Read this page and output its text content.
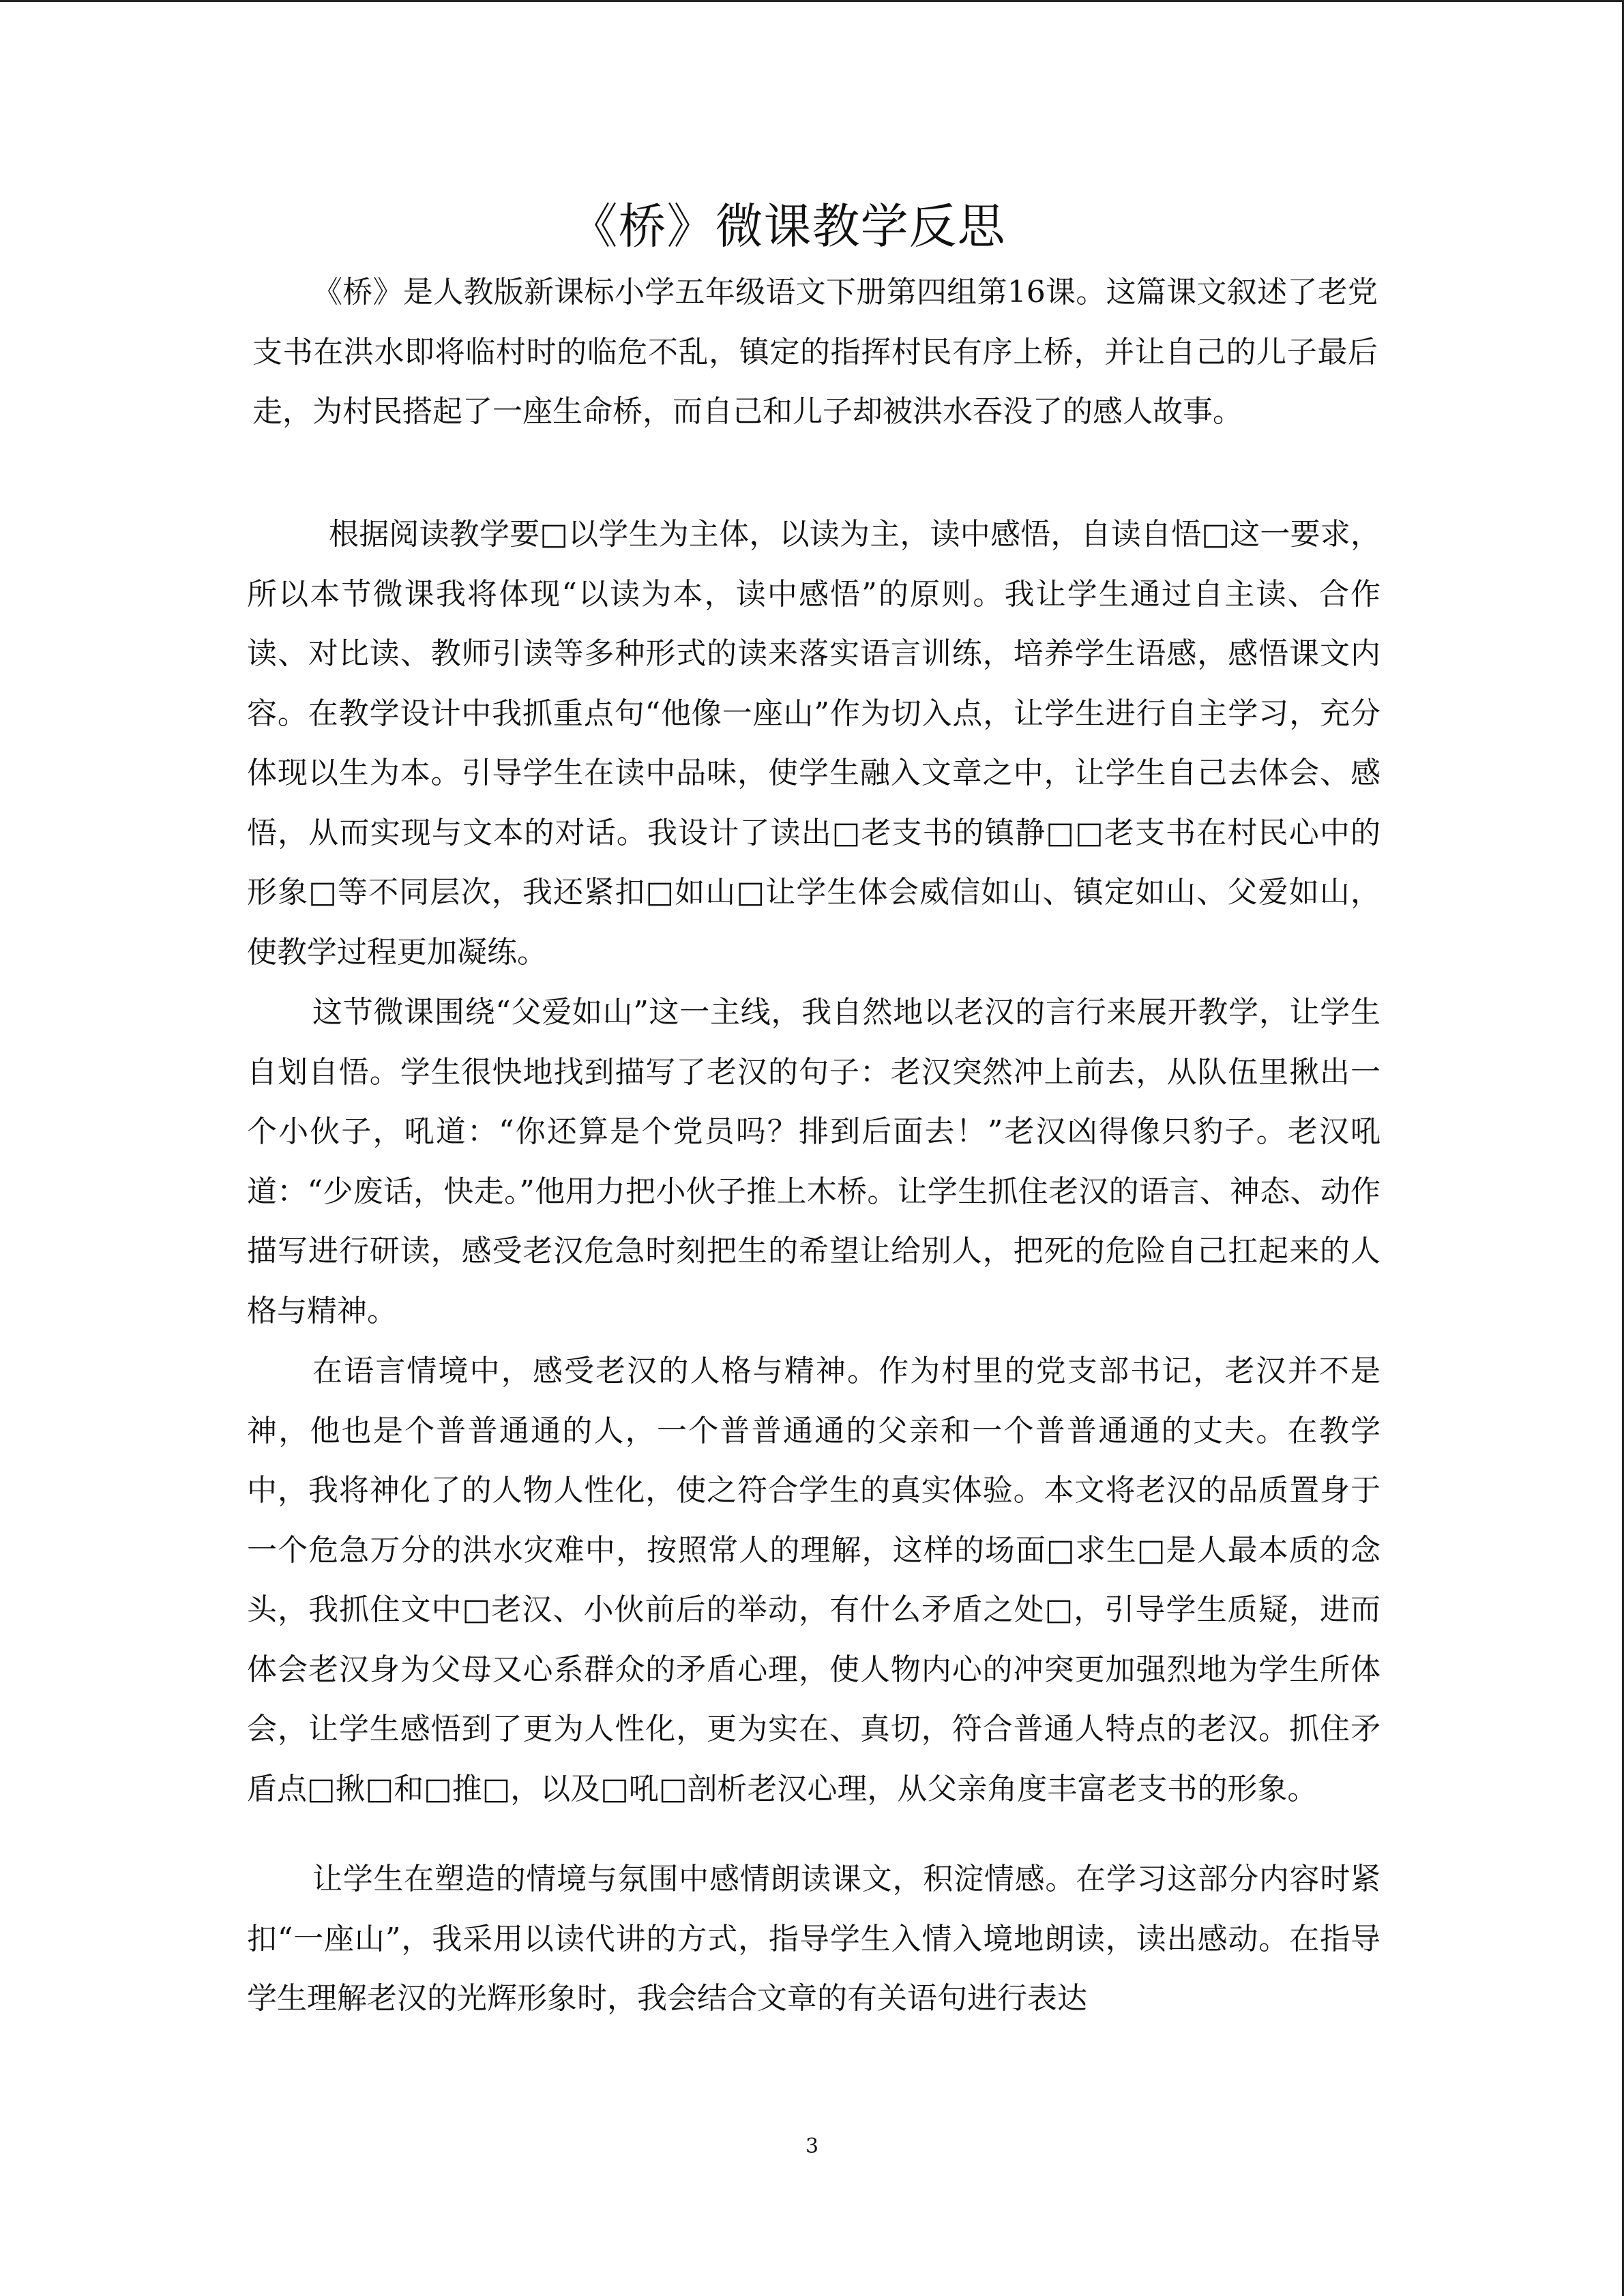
《桥》微课教学反思

《桥》是人教版新课标小学五年级语文下册第四组第16课。这篇课文叙述了老党支书在洪水即将临村时的临危不乱，镇定的指挥村民有序上桥，并让自己的儿子最后走，为村民搭起了一座生命桥，而自己和儿子却被洪水吞没了的感人故事。

根据阅读教学要□以学生为主体，以读为主，读中感悟，自读自悟□这一要求，所以本节微课我将体现“以读为本，读中感悟”的原则。我让学生通过自主读、合作读、对比读、教师引读等多种形式的读来落实语言训练，培养学生语感，感悟课文内容。在教学设计中我抓重点句“他像一座山”作为切入点，让学生进行自主学习，充分体现以生为本。引导学生在读中品味，使学生融入文章之中，让学生自己去体会、感悟，从而实现与文本的对话。我设计了读出□老支书的镇静□□老支书在村民心中的形象□等不同层次，我还紧扣□如山□让学生体会威信如山、镇定如山、父爱如山，使教学过程更加凝练。

这节微课围绕“父爱如山”这一主线，我自然地以老汉的言行来展开教学，让学生自划自悟。学生很快地找到描写了老汉的句子：老汉突然冲上前去，从队伍里揪出一个小伙子，吼道：“你还算是个党员吗？排到后面去！”老汉凶得像只豹子。老汉吼道：“少废话，快走。”他用力把小伙子推上木桥。让学生抓住老汉的语言、神态、动作描写进行研读，感受老汉危急时刻把生的希望让给别人，把死的危险自己扛起来的人格与精神。

在语言情境中，感受老汉的人格与精神。作为村里的党支部书记，老汉并不是神，他也是个普普通通的人，一个普普通通的父亲和一个普普通通的丈夫。在教学中，我将神化了的人物人性化，使之符合学生的真实体验。本文将老汉的品质置身于一个危急万分的洪水灾难中，按照常人的理解，这样的场面□求生□是人最本质的念头，我抓住文中□老汉、小伙前后的举动，有什么矛盾之处□，引导学生质疑，进而体会老汉身为父母又心系群众的矛盾心理，使人物内心的冲突更加强烈地为学生所体会，让学生感悟到了更为人性化，更为实在、真切，符合普通人特点的老汉。抓住矛盾点□揪□和□推□，以及□吼□剖析老汉心理，从父亲角度丰富老支书的形象。

让学生在塑造的情境与氛围中感情朗读课文，积淀情感。在学习这部分内容时紧扣“一座山”，我采用以读代讲的方式，指导学生入情入境地朗读，读出感动。在指导学生理解老汉的光辉形象时，我会结合文章的有关语句进行表达

3
